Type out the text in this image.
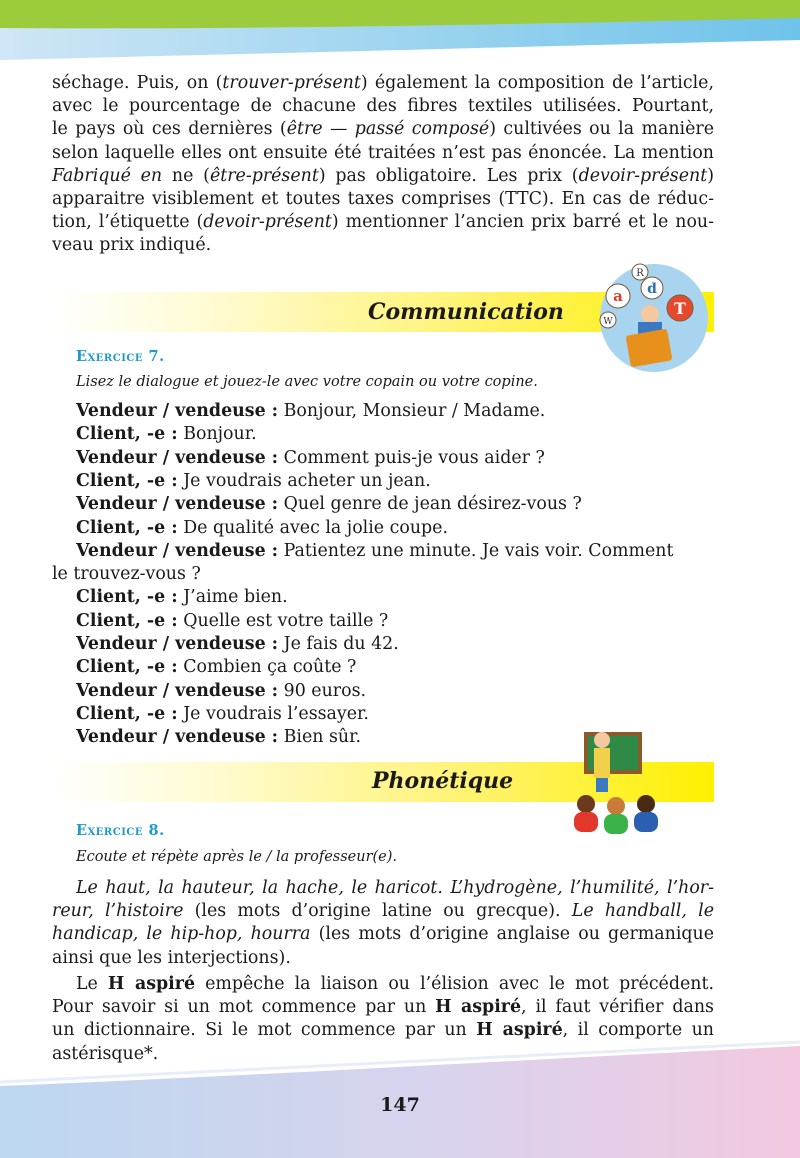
séchage. Puis, on (trouver-présent) également la composition de l’article,
avec le pourcentage de chacune des fibres textiles utilisées. Pourtant,
le pays où ces dernières (être — passé composé) cultivées ou la manière
selon laquelle elles ont ensuite été traitées n’est pas énoncée. La mention
Fabriqué en ne (être-présent) pas obligatoire. Les prix (devoir-présent)
apparaitre visiblement et toutes taxes comprises (TTC). En cas de réduc-
tion, l’étiquette (devoir-présent) mentionner l’ancien prix barré et le nou-
veau prix indiqué.
Communication
a d
T
R
W
Exercice 7.
Lisez le dialogue et jouez-le avec votre copain ou votre copine.
Vendeur / vendeuse : Bonjour, Monsieur / Madame.
Client, -e : Bonjour.
Vendeur / vendeuse : Comment puis-je vous aider ?
Client, -e : Je voudrais acheter un jean.
Vendeur / vendeuse : Quel genre de jean désirez-vous ?
Client, -e : De qualité avec la jolie coupe.
Vendeur / vendeuse : Patientez une minute. Je vais voir. Comment
le trouvez-vous ?
Client, -e : J’aime bien.
Client, -e : Quelle est votre taille ?
Vendeur / vendeuse : Je fais du 42.
Client, -e : Combien ça coûte ?
Vendeur / vendeuse : 90 euros.
Client, -e : Je voudrais l’essayer.
Vendeur / vendeuse : Bien sûr.
Phonétique
Exercice 8.
Ecoute et répète après le / la professeur(e).
Le haut, la hauteur, la hache, le haricot. L’hydrogène, l’humilité, l’hor-
reur, l’histoire (les mots d’origine latine ou grecque). Le handball, le
handicap, le hip-hop, hourra (les mots d’origine anglaise ou germanique
ainsi que les interjections).
Le H aspiré empêche la liaison ou l’élision avec le mot précédent.
Pour savoir si un mot commence par un H aspiré, il faut vérifier dans
un dictionnaire. Si le mot commence par un H aspiré, il comporte un
astérisque*.
147
